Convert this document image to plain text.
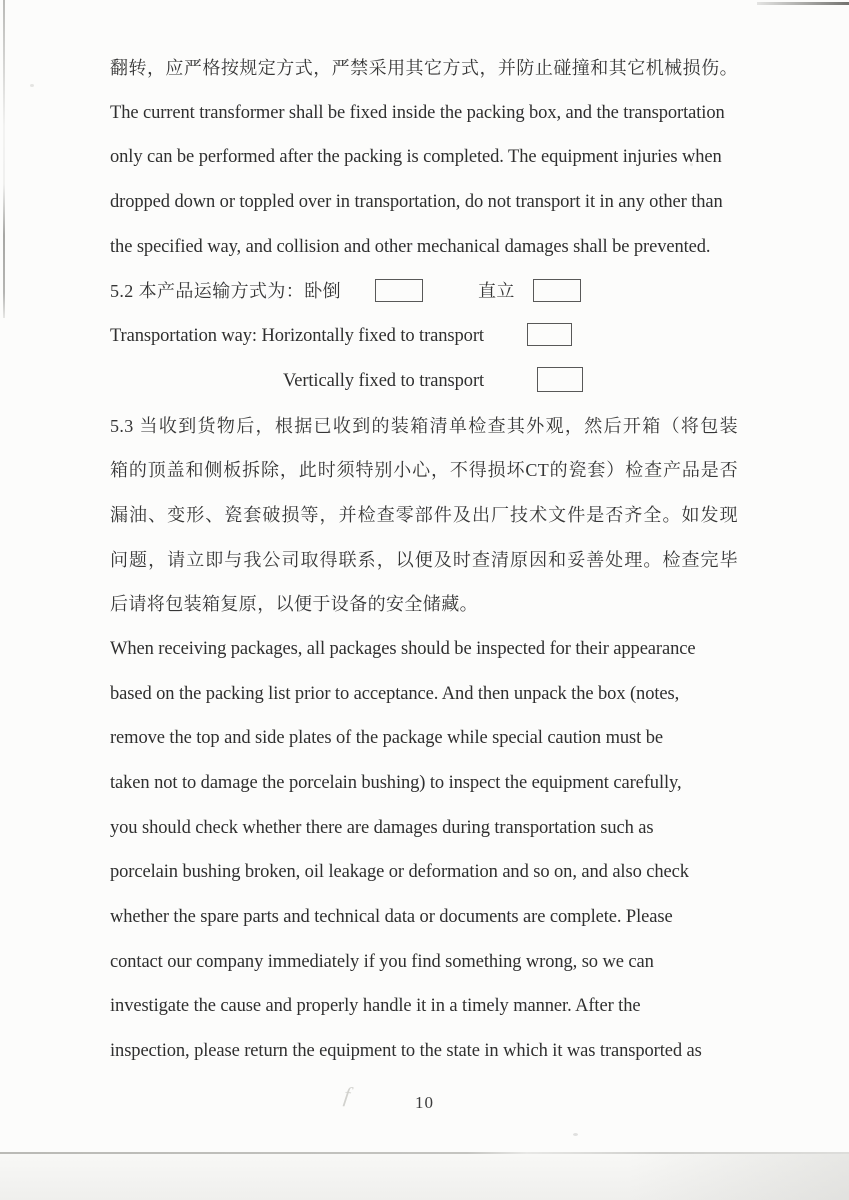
翻转，应严格按规定方式，严禁采用其它方式，并防止碰撞和其它机械损伤。
The current transformer shall be fixed inside the packing box, and the transportation
only can be performed after the packing is completed. The equipment injuries when
dropped down or toppled over in transportation, do not transport it in any other than
the specified way, and collision and other mechanical damages shall be prevented.
5.2 本产品运输方式为：卧倒	直立
Transportation way: Horizontally fixed to transport
Vertically fixed to transport
5.3 当收到货物后，根据已收到的装箱清单检查其外观，然后开箱（将包装
箱的顶盖和侧板拆除，此时须特别小心，不得损坏CT的瓷套）检查产品是否
漏油、变形、瓷套破损等，并检查零部件及出厂技术文件是否齐全。如发现
问题，请立即与我公司取得联系，以便及时查清原因和妥善处理。检查完毕
后请将包装箱复原，以便于设备的安全储藏。
When receiving packages, all packages should be inspected for their appearance
based on the packing list prior to acceptance. And then unpack the box (notes,
remove the top and side plates of the package while special caution must be
taken not to damage the porcelain bushing) to inspect the equipment carefully,
you should check whether there are damages during transportation such as
porcelain bushing broken, oil leakage or deformation and so on, and also check
whether the spare parts and technical data or documents are complete. Please
contact our company immediately if you find something wrong, so we can
investigate the cause and properly handle it in a timely manner. After the
inspection, please return the equipment to the state in which it was transported as
f	10
